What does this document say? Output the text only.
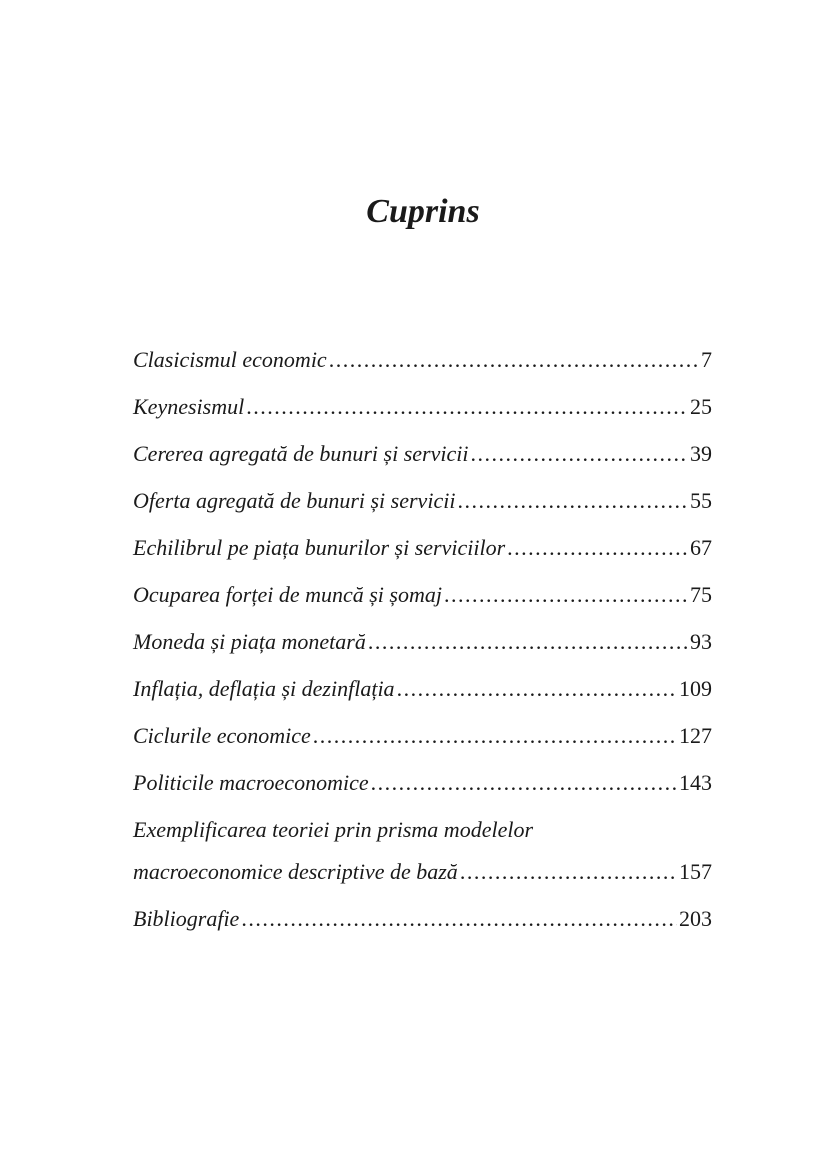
Cuprins
Clasicismul economic .....	7
Keynesismul .....	25
Cererea agregată de bunuri și servicii .....	39
Oferta agregată de bunuri și servicii .....	55
Echilibrul pe piața bunurilor și serviciilor .....	67
Ocuparea forței de muncă și șomaj .....	75
Moneda și piața monetară .....	93
Inflația, deflația și dezinflația .....	109
Ciclurile economice .....	127
Politicile macroeconomice .....	143
Exemplificarea teoriei prin prisma modelelor
macroeconomice descriptive de bază .....	157
Bibliografie .....	203
